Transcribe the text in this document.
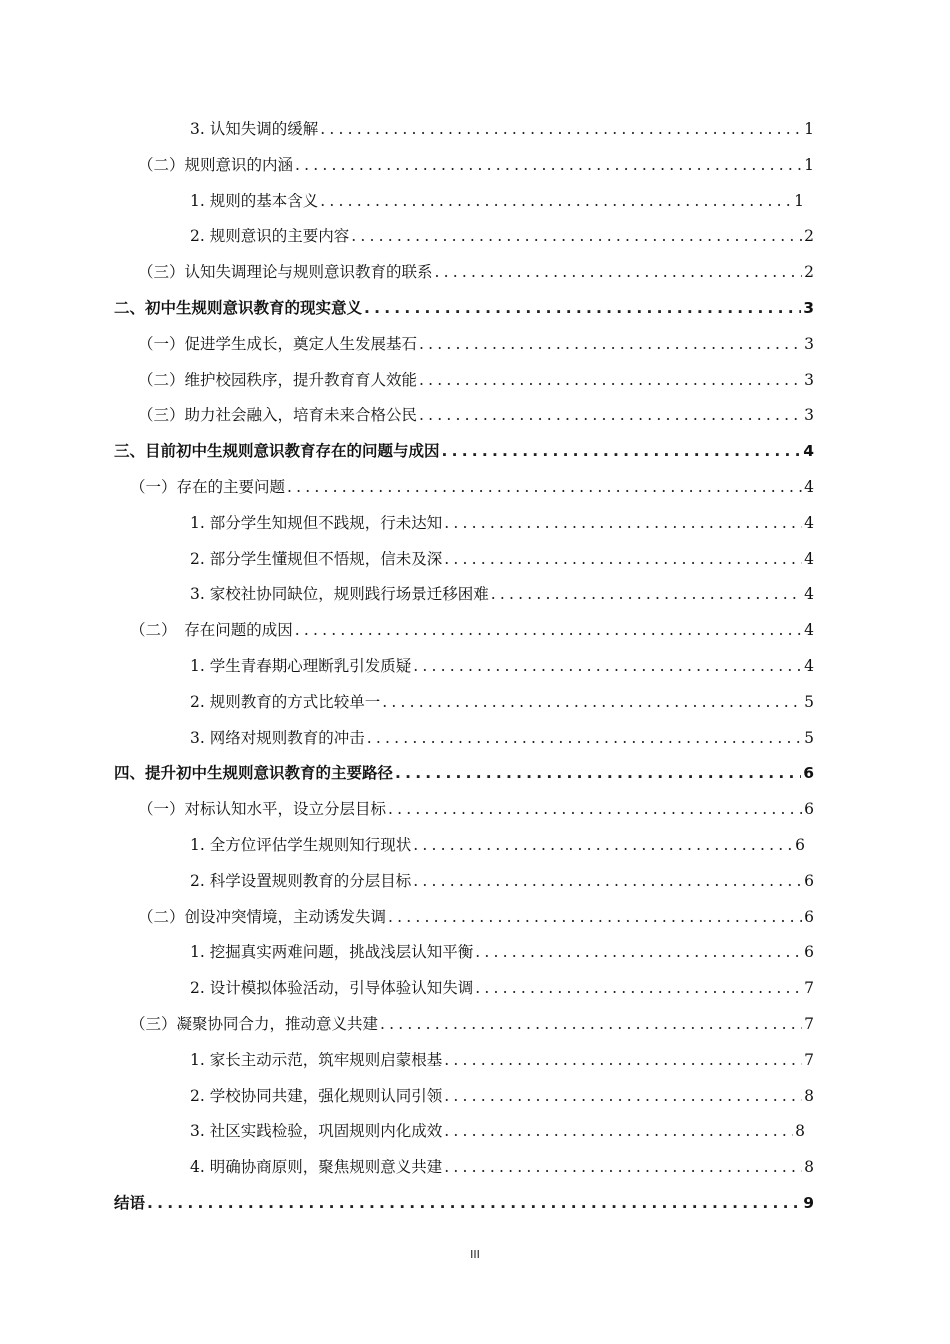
3. 认知失调的缓解 .....	1
（二）规则意识的内涵 .....	1
1. 规则的基本含义 .....	1
2. 规则意识的主要内容 .....	2
（三）认知失调理论与规则意识教育的联系 .....	2
二、初中生规则意识教育的现实意义 .....	3
（一）促进学生成长，奠定人生发展基石 .....	3
（二）维护校园秩序，提升教育育人效能 .....	3
（三）助力社会融入，培育未来合格公民 .....	3
三、目前初中生规则意识教育存在的问题与成因 .....	4
（一）存在的主要问题 .....	4
1. 部分学生知规但不践规，行未达知 .....	4
2. 部分学生懂规但不悟规，信未及深 .....	4
3. 家校社协同缺位，规则践行场景迁移困难 .....	4
（二）　存在问题的成因 .....	4
1. 学生青春期心理断乳引发质疑 .....	4
2. 规则教育的方式比较单一 .....	5
3. 网络对规则教育的冲击 .....	5
四、提升初中生规则意识教育的主要路径 .....	6
（一）对标认知水平，设立分层目标 .....	6
1. 全方位评估学生规则知行现状 .....	6
2. 科学设置规则教育的分层目标 .....	6
（二）创设冲突情境，主动诱发失调 .....	6
1. 挖掘真实两难问题，挑战浅层认知平衡 .....	6
2. 设计模拟体验活动，引导体验认知失调 .....	7
（三）凝聚协同合力，推动意义共建 .....	7
1. 家长主动示范，筑牢规则启蒙根基 .....	7
2. 学校协同共建，强化规则认同引领 .....	8
3. 社区实践检验，巩固规则内化成效 .....	8
4. 明确协商原则，聚焦规则意义共建 .....	8
结语 .....	9
III
